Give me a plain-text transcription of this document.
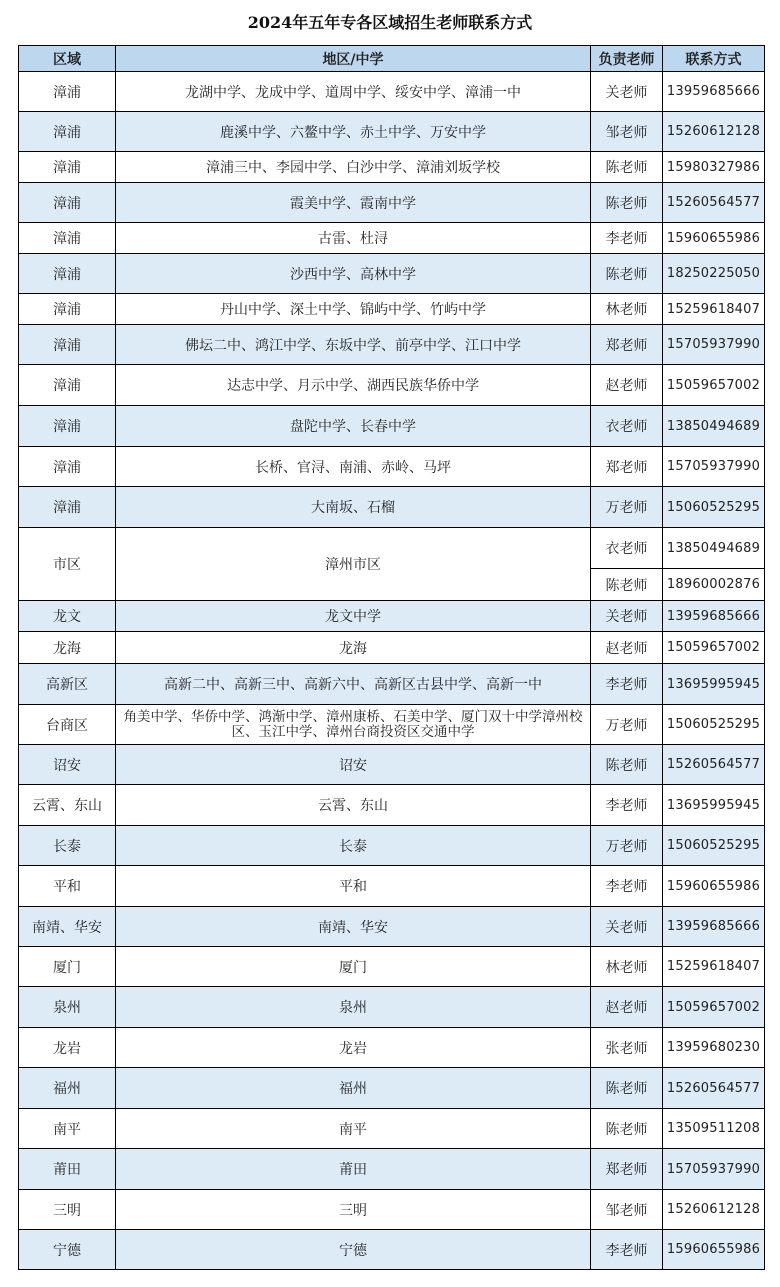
2024年五年专各区域招生老师联系方式
区域	地区/中学	负责老师	联系方式
漳浦	龙湖中学、龙成中学、道周中学、绥安中学、漳浦一中	关老师	13959685666
漳浦	鹿溪中学、六鳌中学、赤土中学、万安中学	邹老师	15260612128
漳浦	漳浦三中、李园中学、白沙中学、漳浦刘坂学校	陈老师	15980327986
漳浦	霞美中学、霞南中学	陈老师	15260564577
漳浦	古雷、杜浔	李老师	15960655986
漳浦	沙西中学、高林中学	陈老师	18250225050
漳浦	丹山中学、深土中学、锦屿中学、竹屿中学	林老师	15259618407
漳浦	佛坛二中、鸿江中学、东坂中学、前亭中学、江口中学	郑老师	15705937990
漳浦	达志中学、月示中学、湖西民族华侨中学	赵老师	15059657002
漳浦	盘陀中学、长春中学	衣老师	13850494689
漳浦	长桥、官浔、南浦、赤岭、马坪	郑老师	15705937990
漳浦	大南坂、石榴	万老师	15060525295
市区	漳州市区	衣老师	13850494689
		陈老师	18960002876
龙文	龙文中学	关老师	13959685666
龙海	龙海	赵老师	15059657002
高新区	高新二中、高新三中、高新六中、高新区古县中学、高新一中	李老师	13695995945
台商区	角美中学、华侨中学、鸿渐中学、漳州康桥、石美中学、厦门双十中学漳州校区、玉江中学、漳州台商投资区交通中学	万老师	15060525295
诏安	诏安	陈老师	15260564577
云霄、东山	云霄、东山	李老师	13695995945
长泰	长泰	万老师	15060525295
平和	平和	李老师	15960655986
南靖、华安	南靖、华安	关老师	13959685666
厦门	厦门	林老师	15259618407
泉州	泉州	赵老师	15059657002
龙岩	龙岩	张老师	13959680230
福州	福州	陈老师	15260564577
南平	南平	陈老师	13509511208
莆田	莆田	郑老师	15705937990
三明	三明	邹老师	15260612128
宁德	宁德	李老师	15960655986
